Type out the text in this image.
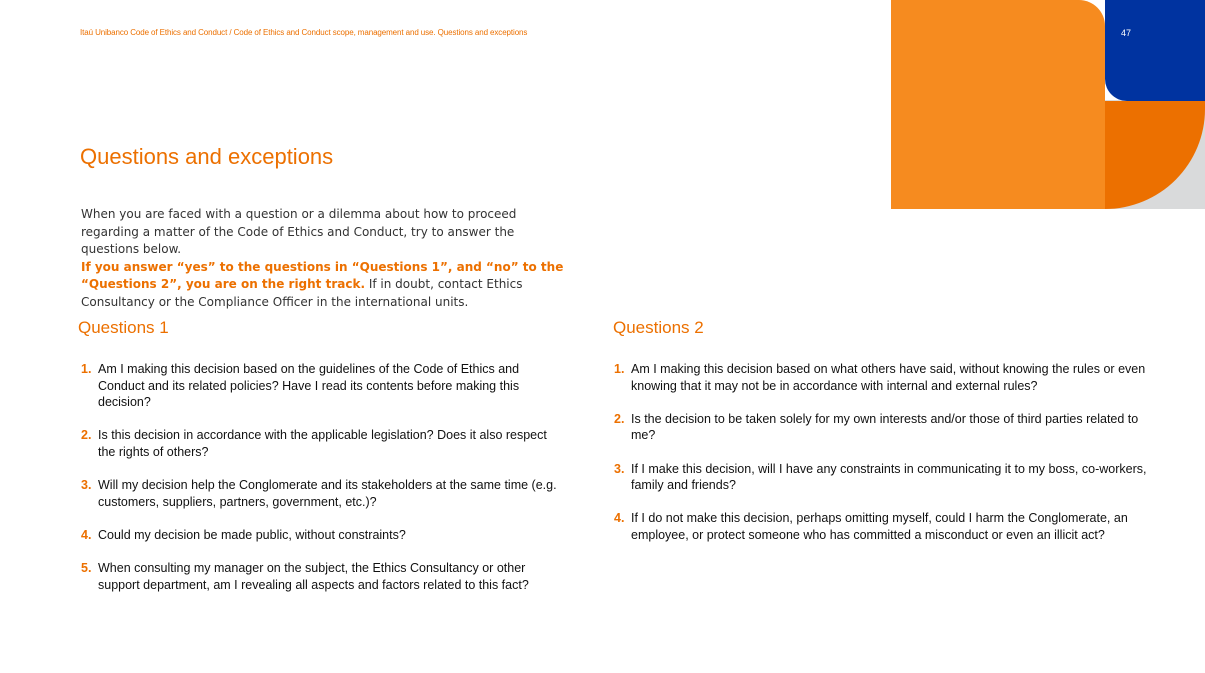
Itaú Unibanco Code of Ethics and Conduct / Code of Ethics and Conduct scope, management and use. Questions and exceptions	47
Questions and exceptions
When you are faced with a question or a dilemma about how to proceed regarding a matter of the Code of Ethics and Conduct, try to answer the questions below.
If you answer “yes” to the questions in “Questions 1”, and “no” to the “Questions 2”, you are on the right track. If in doubt, contact Ethics Consultancy or the Compliance Officer in the international units.
Questions 1
1. Am I making this decision based on the guidelines of the Code of Ethics and Conduct and its related policies? Have I read its contents before making this decision?
2. Is this decision in accordance with the applicable legislation? Does it also respect the rights of others?
3. Will my decision help the Conglomerate and its stakeholders at the same time (e.g. customers, suppliers, partners, government, etc.)?
4. Could my decision be made public, without constraints?
5. When consulting my manager on the subject, the Ethics Consultancy or other support department, am I revealing all aspects and factors related to this fact?
Questions 2
1. Am I making this decision based on what others have said, without knowing the rules or even knowing that it may not be in accordance with internal and external rules?
2. Is the decision to be taken solely for my own interests and/or those of third parties related to me?
3. If I make this decision, will I have any constraints in communicating it to my boss, co-workers, family and friends?
4. If I do not make this decision, perhaps omitting myself, could I harm the Conglomerate, an employee, or protect someone who has committed a misconduct or even an illicit act?
